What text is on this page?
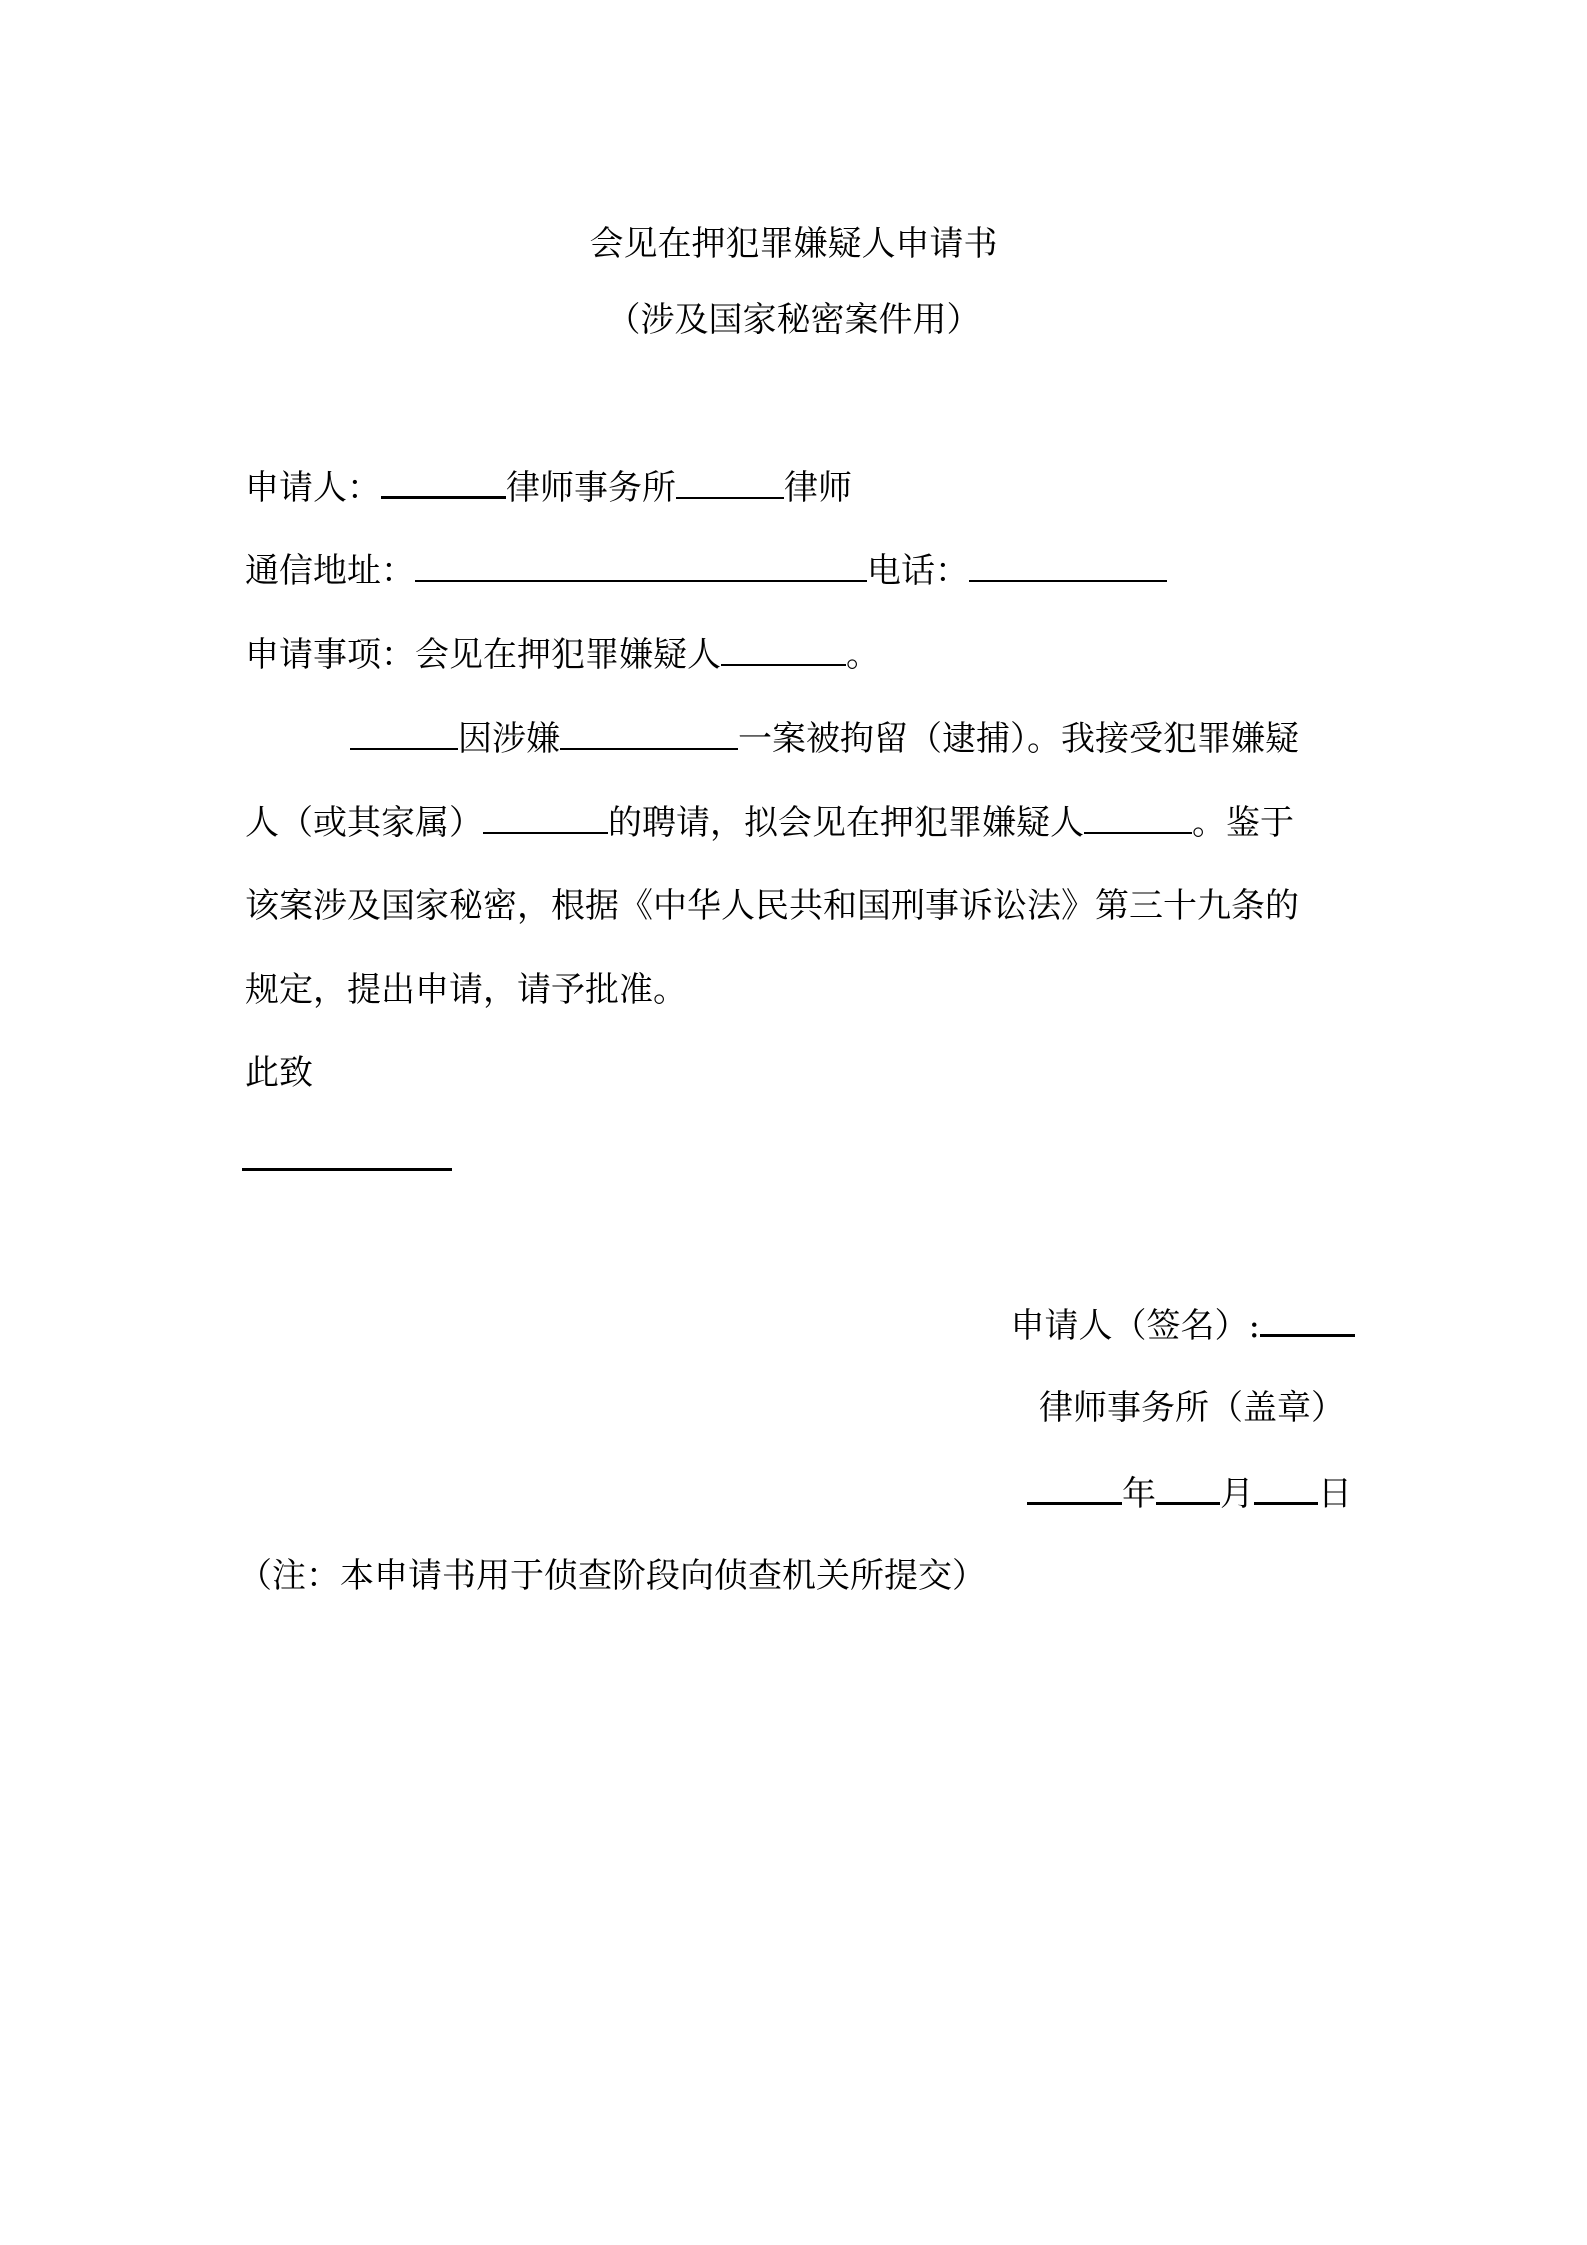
会见在押犯罪嫌疑人申请书
（涉及国家秘密案件用）
申请人：	律师事务所	律师
通信地址：	电话：
申请事项：会见在押犯罪嫌疑人	。
因涉嫌	一案被拘留（逮捕）。我接受犯罪嫌疑
人（或其家属）	的聘请，拟会见在押犯罪嫌疑人	。鉴于
该案涉及国家秘密，根据《中华人民共和国刑事诉讼法》第三十九条的
规定，提出申请，请予批准。
此致
申请人（签名）:
律师事务所（盖章）
年 月 日
（注：本申请书用于侦查阶段向侦查机关所提交）
